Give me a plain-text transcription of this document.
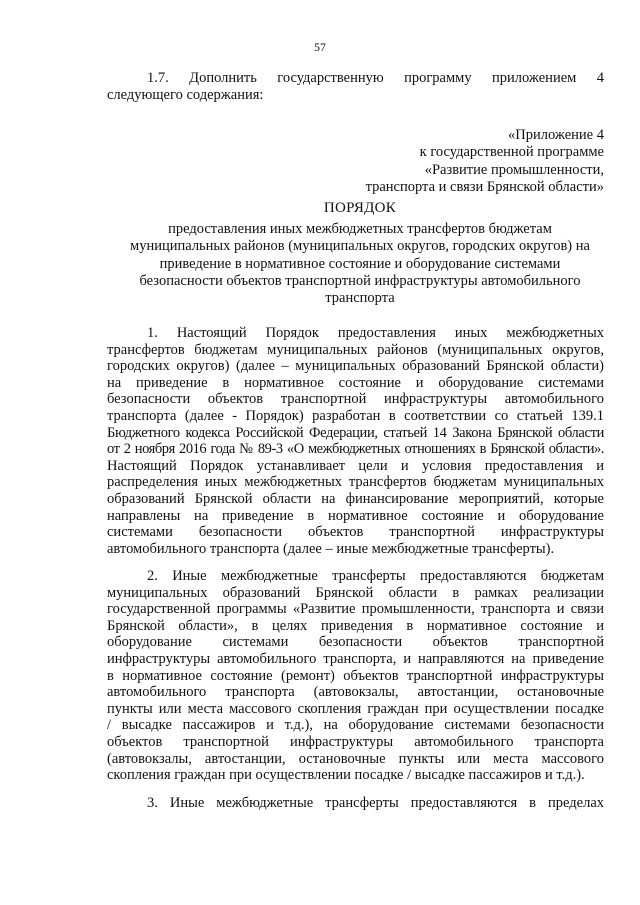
57
1.7. Дополнить государственную программу приложением 4
следующего содержания:
«Приложение 4
к государственной программе
«Развитие промышленности,
транспорта и связи Брянской области»
ПОРЯДОК
предоставления иных межбюджетных трансфертов бюджетам
муниципальных районов (муниципальных округов, городских округов) на
приведение в нормативное состояние и оборудование системами
безопасности объектов транспортной инфраструктуры автомобильного
транспорта
1. Настоящий Порядок предоставления иных межбюджетных
трансфертов бюджетам муниципальных районов (муниципальных округов,
городских округов) (далее – муниципальных образований Брянской области)
на приведение в нормативное состояние и оборудование системами
безопасности объектов транспортной инфраструктуры автомобильного
транспорта (далее - Порядок) разработан в соответствии со статьей 139.1
Бюджетного кодекса Российской Федерации, статьей 14 Закона Брянской области
от 2 ноября 2016 года № 89-3 «О межбюджетных отношениях в Брянской области».
Настоящий Порядок устанавливает цели и условия предоставления и
распределения иных межбюджетных трансфертов бюджетам муниципальных
образований Брянской области на финансирование мероприятий, которые
направлены на приведение в нормативное состояние и оборудование
системами безопасности объектов транспортной инфраструктуры
автомобильного транспорта (далее – иные межбюджетные трансферты).
2. Иные межбюджетные трансферты предоставляются бюджетам
муниципальных образований Брянской области в рамках реализации
государственной программы «Развитие промышленности, транспорта и связи
Брянской области», в целях приведения в нормативное состояние и
оборудование системами безопасности объектов транспортной
инфраструктуры автомобильного транспорта, и направляются на приведение
в нормативное состояние (ремонт) объектов транспортной инфраструктуры
автомобильного транспорта (автовокзалы, автостанции, остановочные
пункты или места массового скопления граждан при осуществлении посадке
/ высадке пассажиров и т.д.), на оборудование системами безопасности
объектов транспортной инфраструктуры автомобильного транспорта
(автовокзалы, автостанции, остановочные пункты или места массового
скопления граждан при осуществлении посадке / высадке пассажиров и т.д.).
3. Иные межбюджетные трансферты предоставляются в пределах
